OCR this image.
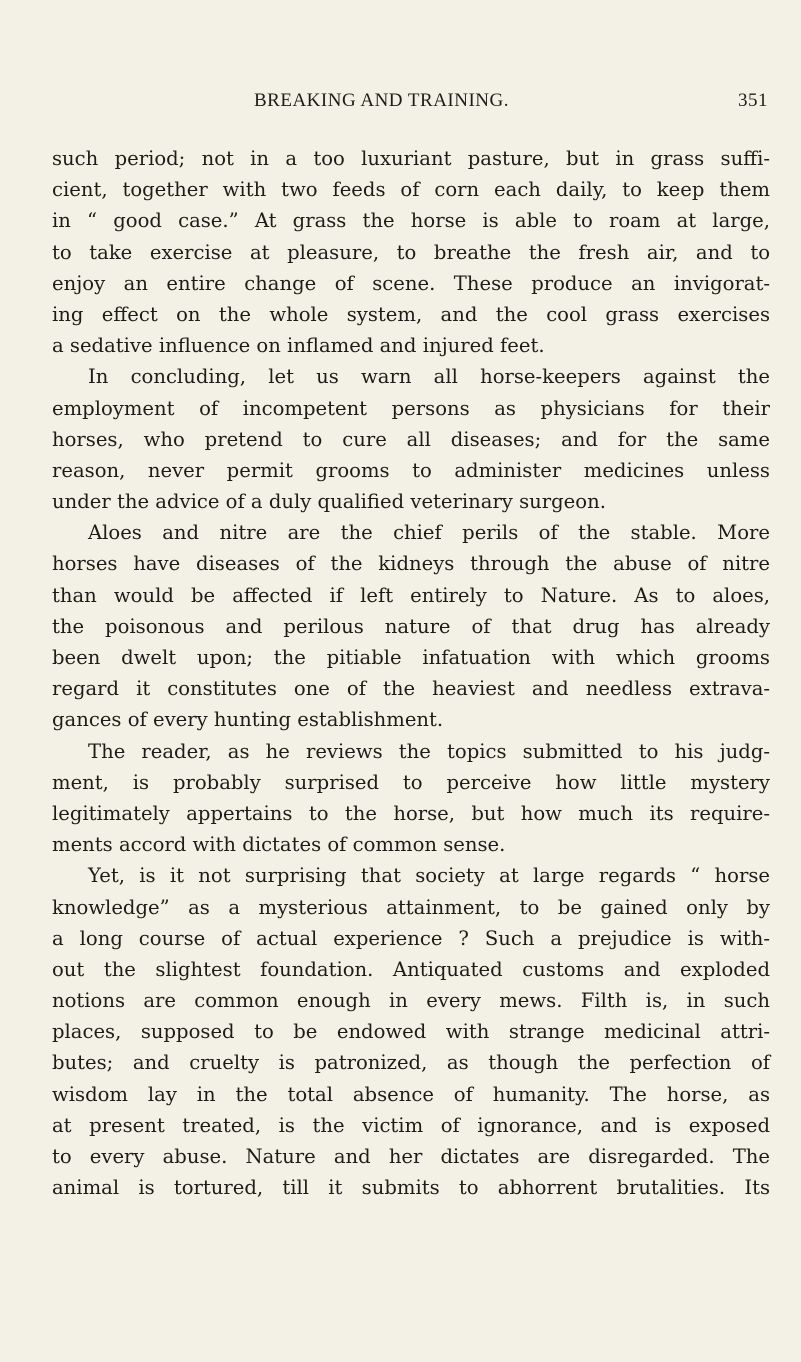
BREAKING AND TRAINING.	351
such period; not in a too luxuriant pasture, but in grass suffi-
cient, together with two feeds of corn each daily, to keep them
in “ good case.” At grass the horse is able to roam at large,
to take exercise at pleasure, to breathe the fresh air, and to
enjoy an entire change of scene. These produce an invigorat-
ing effect on the whole system, and the cool grass exercises
a sedative influence on inflamed and injured feet.
In concluding, let us warn all horse-keepers against the
employment of incompetent persons as physicians for their
horses, who pretend to cure all diseases; and for the same
reason, never permit grooms to administer medicines unless
under the advice of a duly qualified veterinary surgeon.
Aloes and nitre are the chief perils of the stable. More
horses have diseases of the kidneys through the abuse of nitre
than would be affected if left entirely to Nature. As to aloes,
the poisonous and perilous nature of that drug has already
been dwelt upon; the pitiable infatuation with which grooms
regard it constitutes one of the heaviest and needless extrava-
gances of every hunting establishment.
The reader, as he reviews the topics submitted to his judg-
ment, is probably surprised to perceive how little mystery
legitimately appertains to the horse, but how much its require-
ments accord with dictates of common sense.
Yet, is it not surprising that society at large regards “ horse
knowledge” as a mysterious attainment, to be gained only by
a long course of actual experience ? Such a prejudice is with-
out the slightest foundation. Antiquated customs and exploded
notions are common enough in every mews. Filth is, in such
places, supposed to be endowed with strange medicinal attri-
butes; and cruelty is patronized, as though the perfection of
wisdom lay in the total absence of humanity. The horse, as
at present treated, is the victim of ignorance, and is exposed
to every abuse. Nature and her dictates are disregarded. The
animal is tortured, till it submits to abhorrent brutalities. Its
